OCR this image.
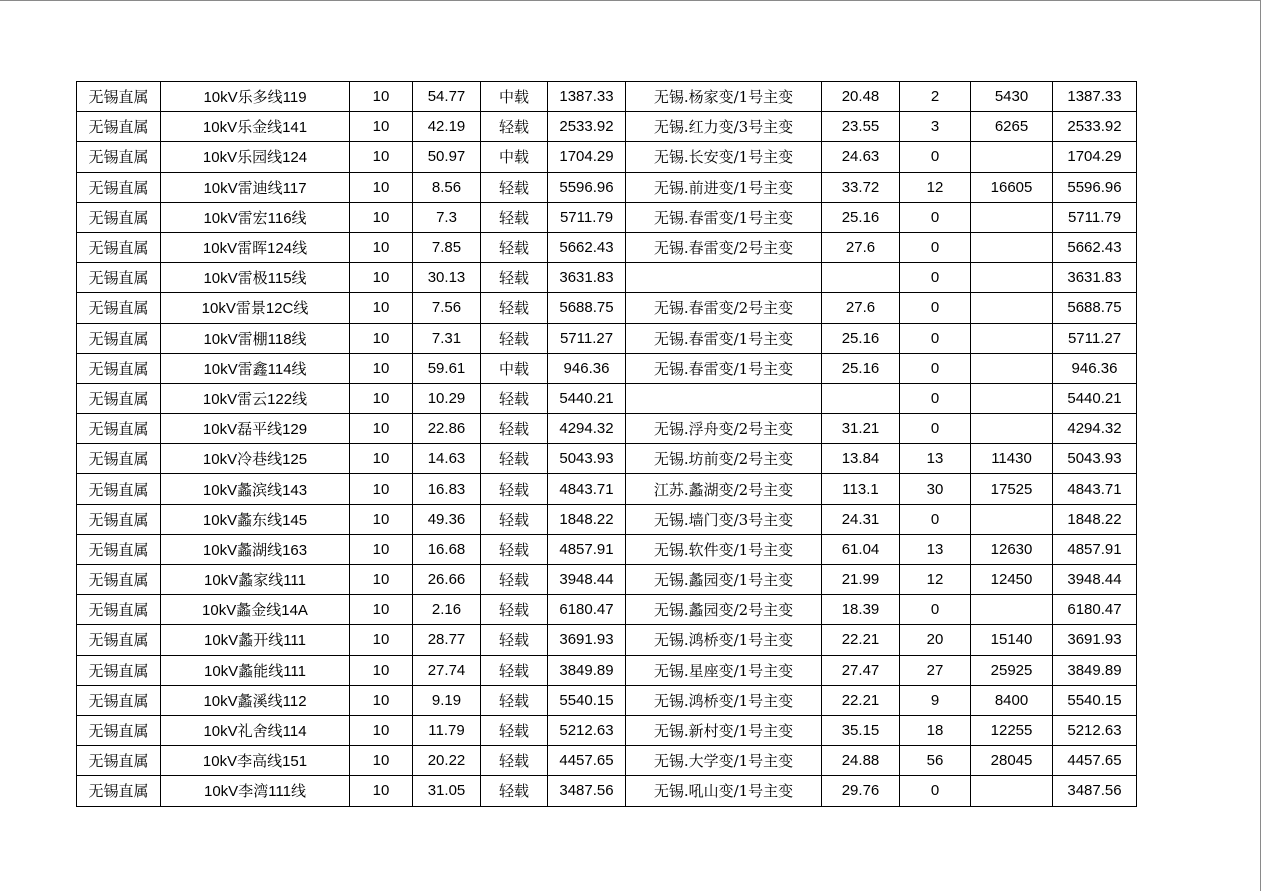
无锡直属	10kV乐多线119	10	54.77	中载	1387.33	无锡.杨家变/1号主变	20.48	2	5430	1387.33
无锡直属	10kV乐金线141	10	42.19	轻载	2533.92	无锡.红力变/3号主变	23.55	3	6265	2533.92
无锡直属	10kV乐园线124	10	50.97	中载	1704.29	无锡.长安变/1号主变	24.63	0		1704.29
无锡直属	10kV雷迪线117	10	8.56	轻载	5596.96	无锡.前进变/1号主变	33.72	12	16605	5596.96
无锡直属	10kV雷宏116线	10	7.3	轻载	5711.79	无锡.春雷变/1号主变	25.16	0		5711.79
无锡直属	10kV雷晖124线	10	7.85	轻载	5662.43	无锡.春雷变/2号主变	27.6	0		5662.43
无锡直属	10kV雷极115线	10	30.13	轻载	3631.83			0		3631.83
无锡直属	10kV雷景12C线	10	7.56	轻载	5688.75	无锡.春雷变/2号主变	27.6	0		5688.75
无锡直属	10kV雷棚118线	10	7.31	轻载	5711.27	无锡.春雷变/1号主变	25.16	0		5711.27
无锡直属	10kV雷鑫114线	10	59.61	中载	946.36	无锡.春雷变/1号主变	25.16	0		946.36
无锡直属	10kV雷云122线	10	10.29	轻载	5440.21			0		5440.21
无锡直属	10kV磊平线129	10	22.86	轻载	4294.32	无锡.浮舟变/2号主变	31.21	0		4294.32
无锡直属	10kV冷巷线125	10	14.63	轻载	5043.93	无锡.坊前变/2号主变	13.84	13	11430	5043.93
无锡直属	10kV蠡滨线143	10	16.83	轻载	4843.71	江苏.蠡湖变/2号主变	113.1	30	17525	4843.71
无锡直属	10kV蠡东线145	10	49.36	轻载	1848.22	无锡.墙门变/3号主变	24.31	0		1848.22
无锡直属	10kV蠡湖线163	10	16.68	轻载	4857.91	无锡.软件变/1号主变	61.04	13	12630	4857.91
无锡直属	10kV蠡家线111	10	26.66	轻载	3948.44	无锡.蠡园变/1号主变	21.99	12	12450	3948.44
无锡直属	10kV蠡金线14A	10	2.16	轻载	6180.47	无锡.蠡园变/2号主变	18.39	0		6180.47
无锡直属	10kV蠡开线111	10	28.77	轻载	3691.93	无锡.鸿桥变/1号主变	22.21	20	15140	3691.93
无锡直属	10kV蠡能线111	10	27.74	轻载	3849.89	无锡.星座变/1号主变	27.47	27	25925	3849.89
无锡直属	10kV蠡溪线112	10	9.19	轻载	5540.15	无锡.鸿桥变/1号主变	22.21	9	8400	5540.15
无锡直属	10kV礼舍线114	10	11.79	轻载	5212.63	无锡.新村变/1号主变	35.15	18	12255	5212.63
无锡直属	10kV李高线151	10	20.22	轻载	4457.65	无锡.大学变/1号主变	24.88	56	28045	4457.65
无锡直属	10kV李湾111线	10	31.05	轻载	3487.56	无锡.吼山变/1号主变	29.76	0		3487.56
